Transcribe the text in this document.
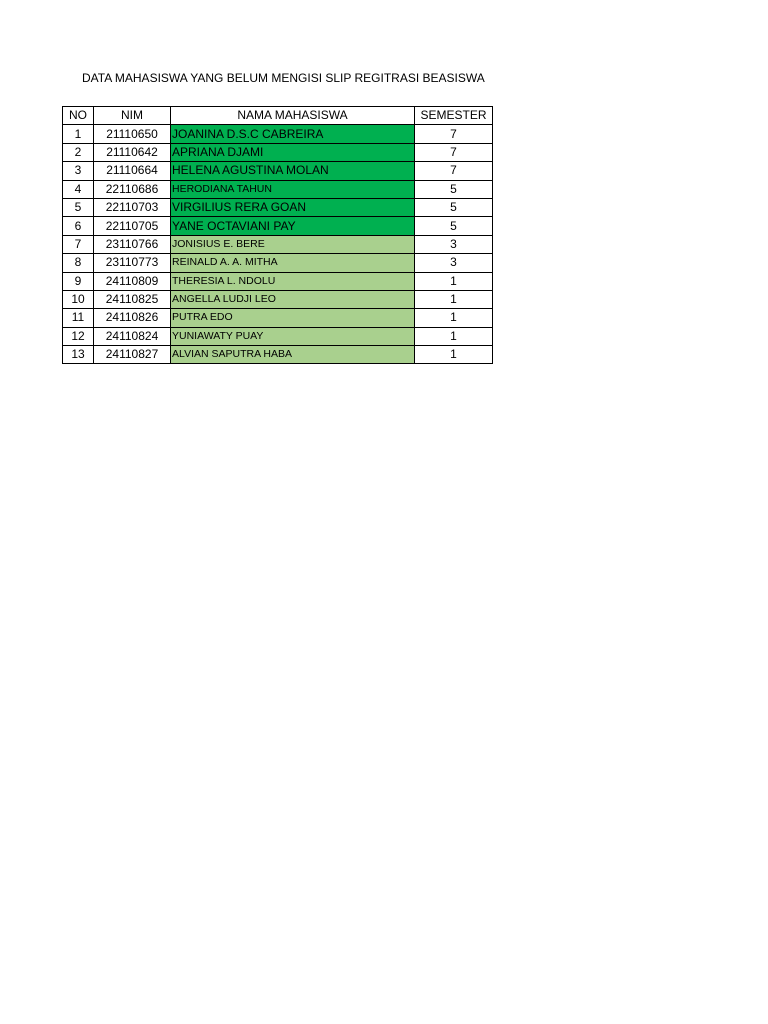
DATA MAHASISWA YANG BELUM MENGISI SLIP REGITRASI BEASISWA
NO	NIM	NAMA MAHASISWA	SEMESTER
1	21110650	JOANINA D.S.C CABREIRA	7
2	21110642	APRIANA DJAMI	7
3	21110664	HELENA AGUSTINA MOLAN	7
4	22110686	HERODIANA TAHUN	5
5	22110703	VIRGILIUS RERA GOAN	5
6	22110705	YANE OCTAVIANI PAY	5
7	23110766	JONISIUS E. BERE	3
8	23110773	REINALD A. A. MITHA	3
9	24110809	THERESIA L. NDOLU	1
10	24110825	ANGELLA LUDJI LEO	1
11	24110826	PUTRA EDO	1
12	24110824	YUNIAWATY PUAY	1
13	24110827	ALVIAN SAPUTRA HABA	1
